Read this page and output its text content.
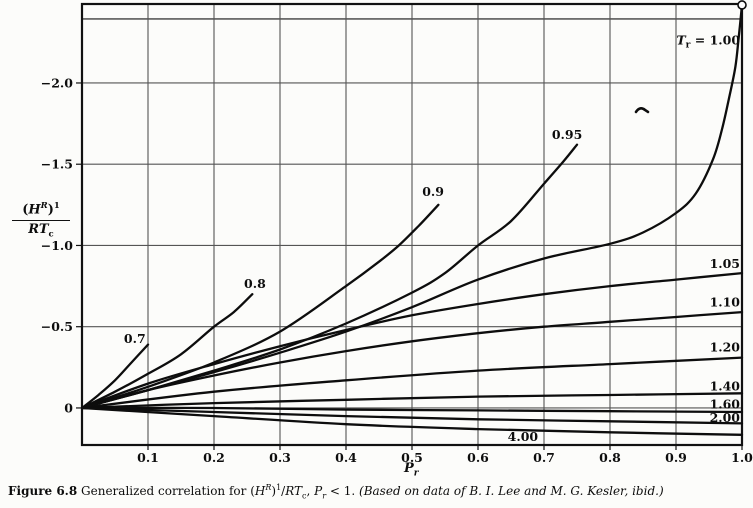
0.1	0.2	0.3	0.4	0.5	0.6	0.7	0.8	0.9	1.0
0
−0.5
−1.0
−1.5
−2.0
0.7
0.8
0.9
0.95
$T_r = 1.00$
1.05
1.10
1.20
1.40
1.60
2.00
4.00
$(H^R)^1$
$RT_c$
$P_r$
Figure 6.8 Generalized correlation for $(H^R)^1/RT_c$, $P_r < 1$. (Based on data of B. I. Lee and M. G. Kesler, ibid.)
